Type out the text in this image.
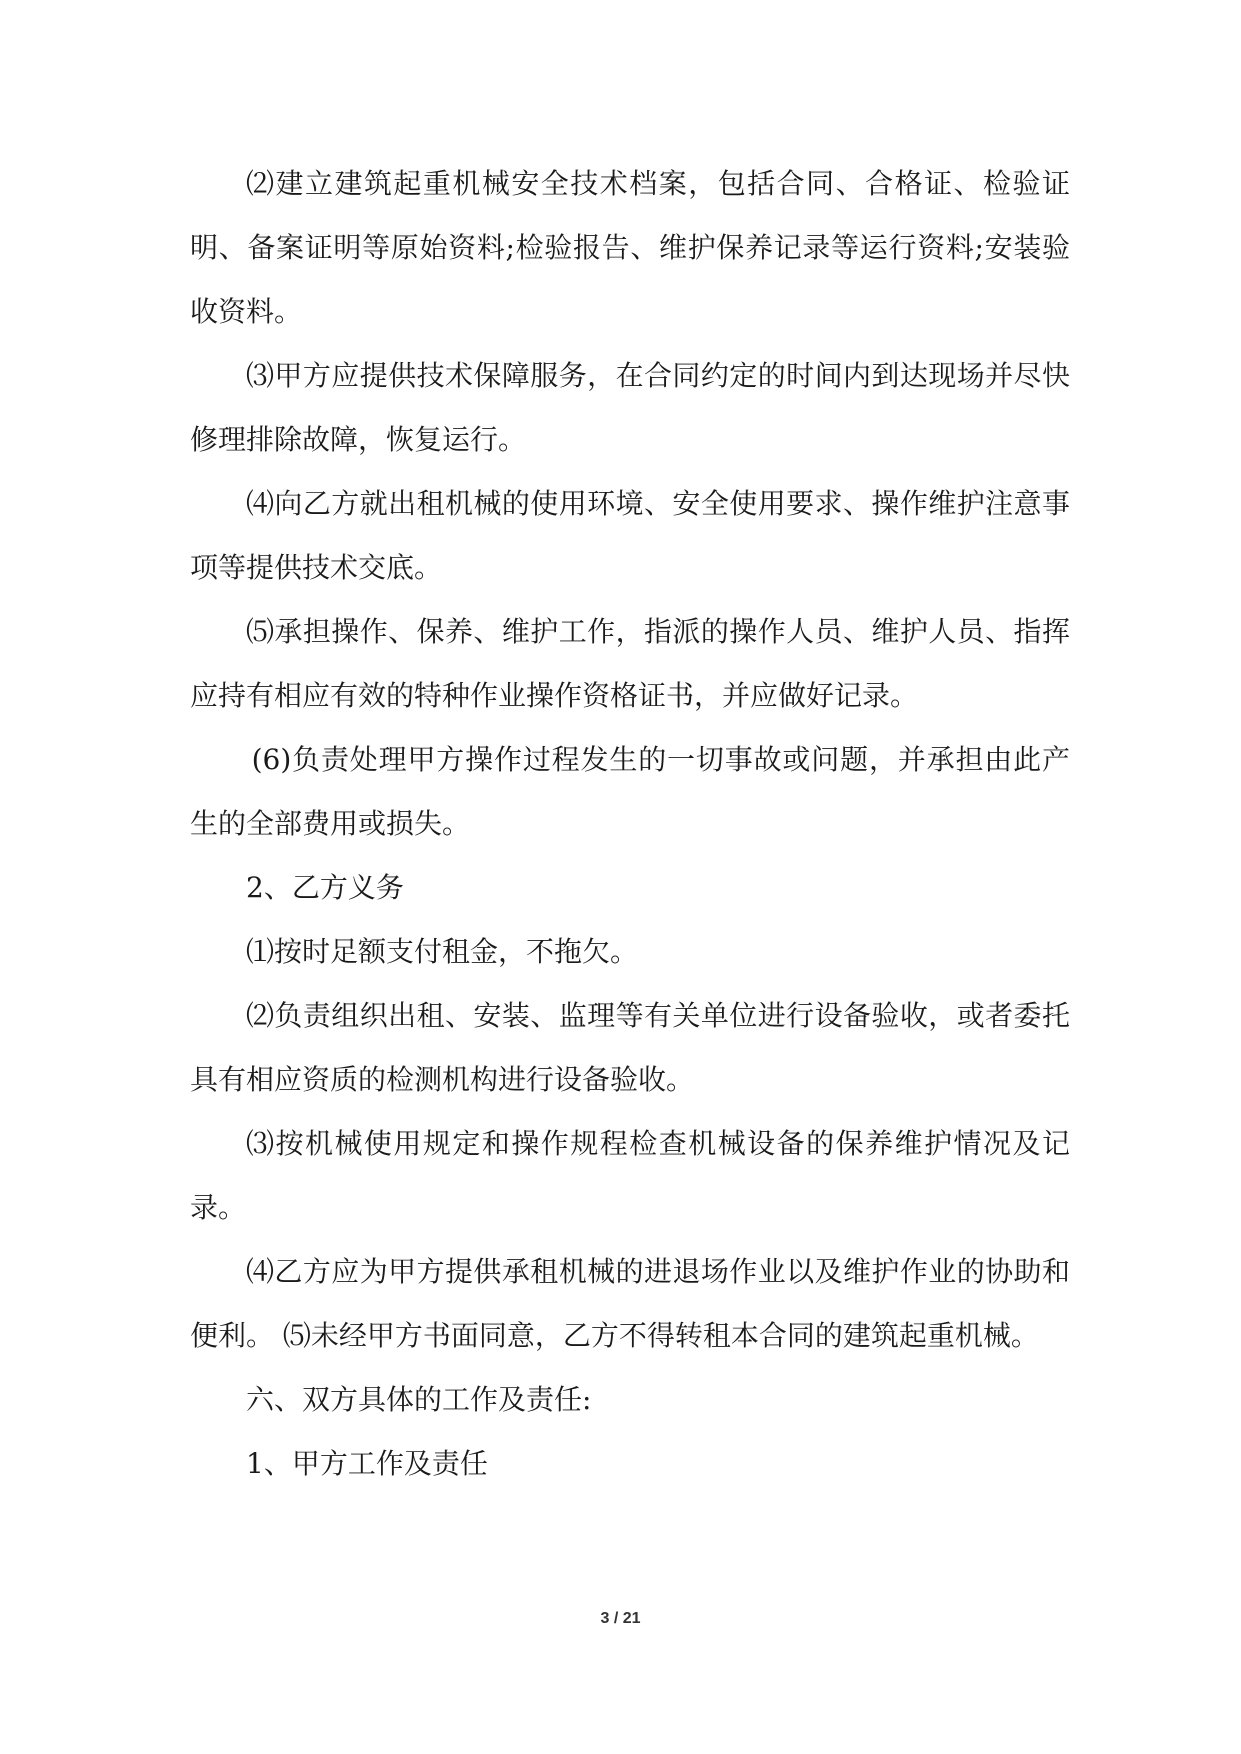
⑵建立建筑起重机械安全技术档案，包括合同、合格证、检验证明、备案证明等原始资料;检验报告、维护保养记录等运行资料;安装验收资料。

⑶甲方应提供技术保障服务，在合同约定的时间内到达现场并尽快修理排除故障，恢复运行。

⑷向乙方就出租机械的使用环境、安全使用要求、操作维护注意事项等提供技术交底。

⑸承担操作、保养、维护工作，指派的操作人员、维护人员、指挥应持有相应有效的特种作业操作资格证书，并应做好记录。

(6)负责处理甲方操作过程发生的一切事故或问题，并承担由此产生的全部费用或损失。

2、乙方义务

⑴按时足额支付租金，不拖欠。

⑵负责组织出租、安装、监理等有关单位进行设备验收，或者委托具有相应资质的检测机构进行设备验收。

⑶按机械使用规定和操作规程检查机械设备的保养维护情况及记录。

⑷乙方应为甲方提供承租机械的进退场作业以及维护作业的协助和便利。 ⑸未经甲方书面同意，乙方不得转租本合同的建筑起重机械。

六、双方具体的工作及责任:

1、甲方工作及责任

3 / 21
